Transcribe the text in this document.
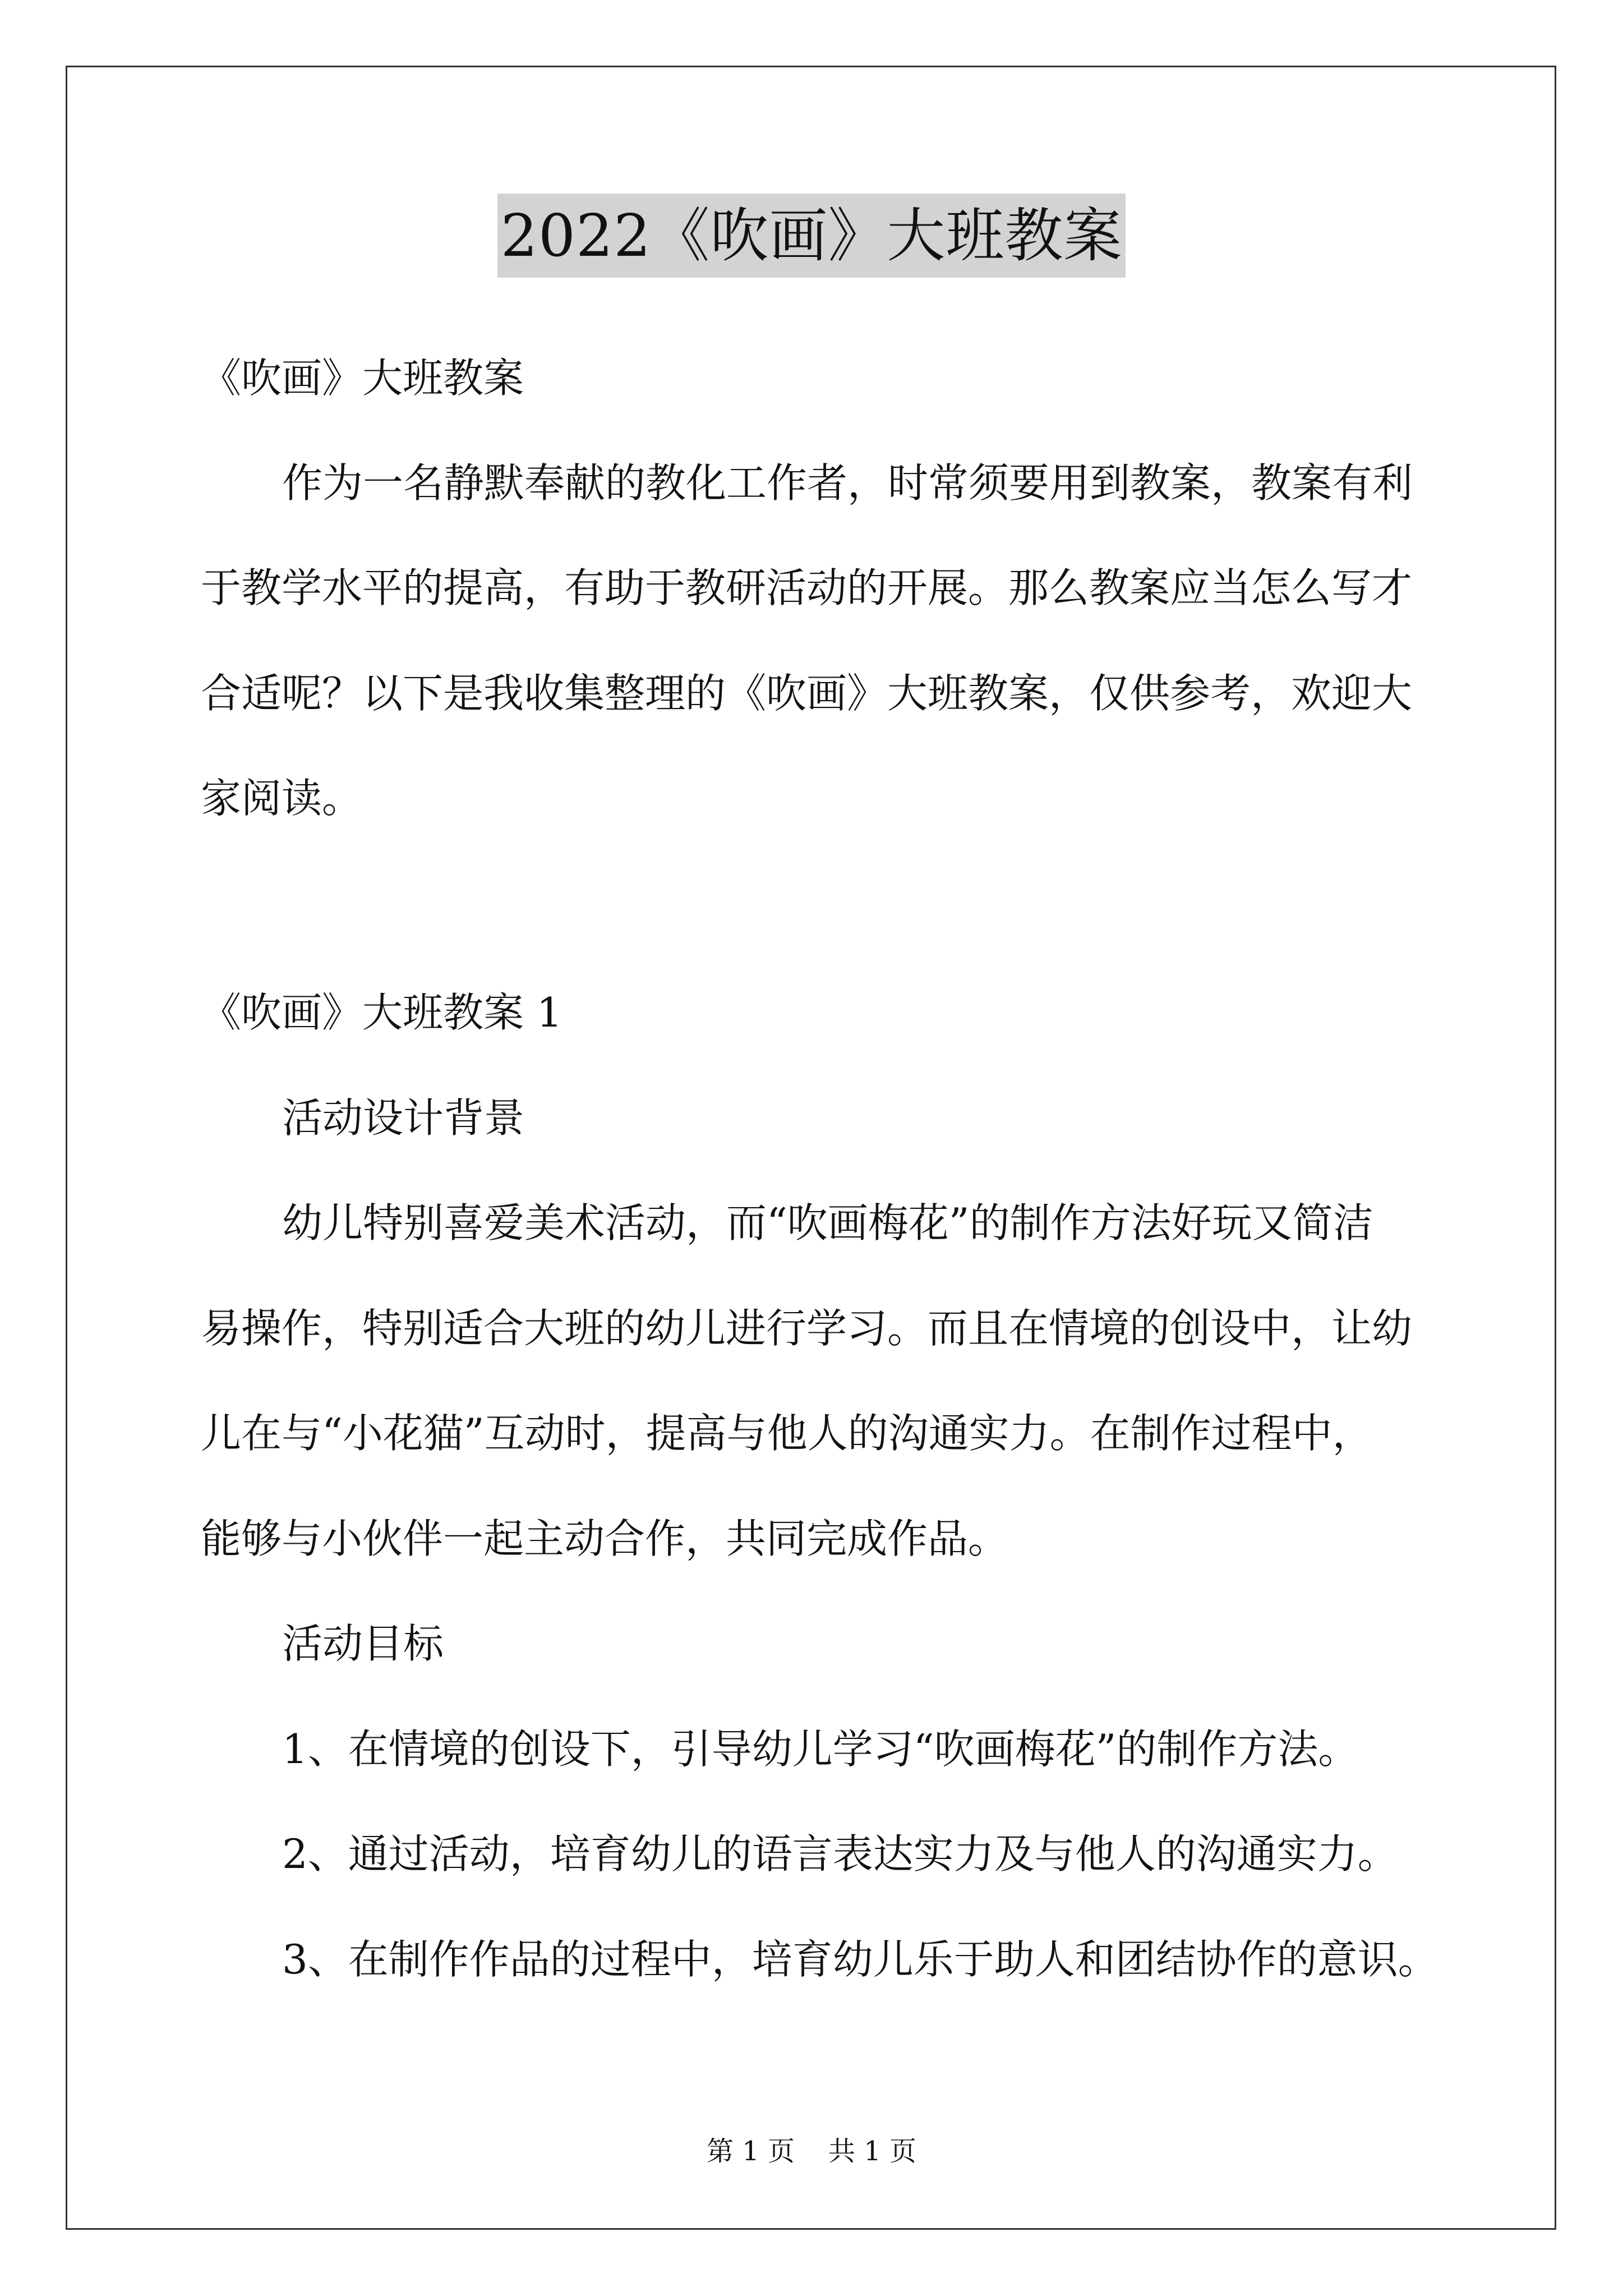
2022《吹画》大班教案
《吹画》大班教案
作为一名静默奉献的教化工作者，时常须要用到教案，教案有利
于教学水平的提高，有助于教研活动的开展。那么教案应当怎么写才
合适呢？以下是我收集整理的《吹画》大班教案，仅供参考，欢迎大
家阅读。
《吹画》大班教案 1
活动设计背景
幼儿特别喜爱美术活动，而“吹画梅花”的制作方法好玩又简洁
易操作，特别适合大班的幼儿进行学习。而且在情境的创设中，让幼
儿在与“小花猫”互动时，提高与他人的沟通实力。在制作过程中，
能够与小伙伴一起主动合作，共同完成作品。
活动目标
1、在情境的创设下，引导幼儿学习“吹画梅花”的制作方法。
2、通过活动，培育幼儿的语言表达实力及与他人的沟通实力。
3、在制作作品的过程中，培育幼儿乐于助人和团结协作的意识。
第 1 页 共 1 页
